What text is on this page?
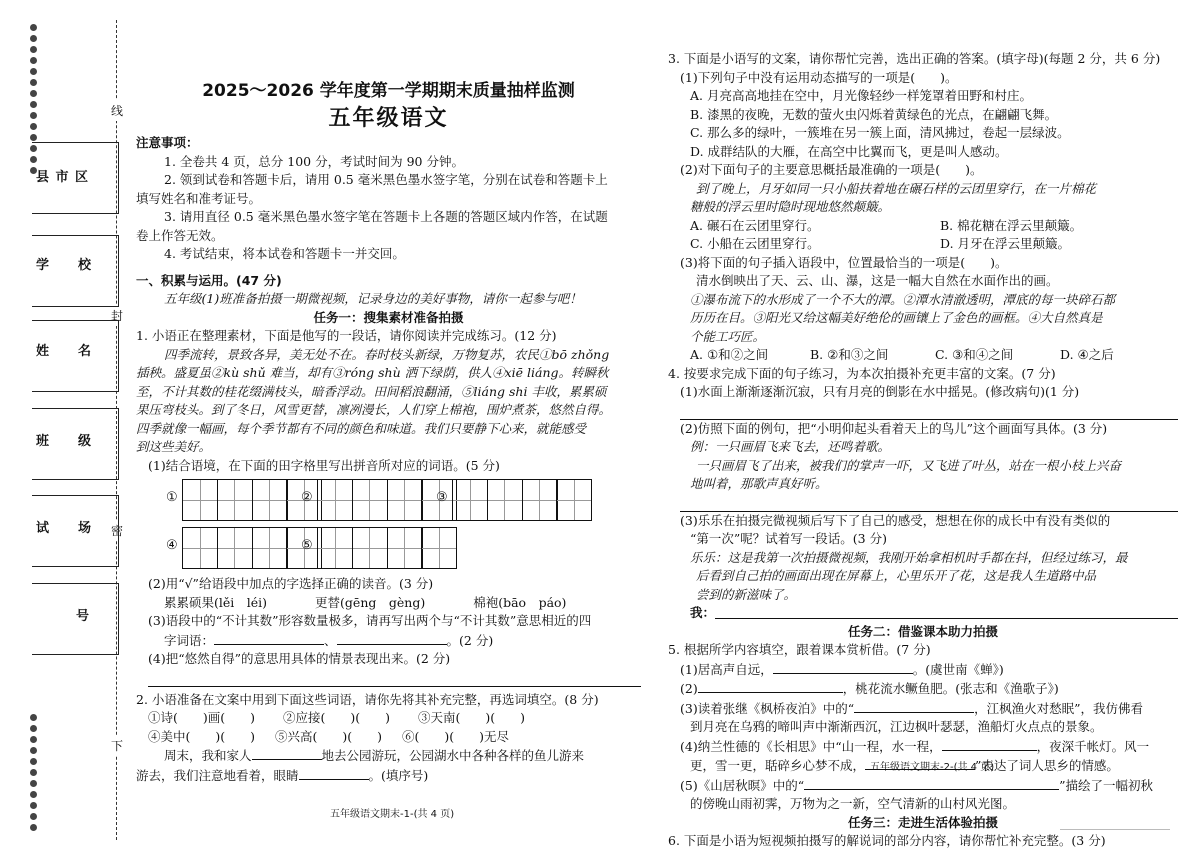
线
封
密
下
县 市 区
学　　校
姓　　名
班　　级
试　　场
号
2025～2026 学年度第一学期期末质量抽样监测
五年级语文
注意事项：
1. 全卷共 4 页，总分 100 分，考试时间为 90 分钟。
2. 领到试卷和答题卡后，请用 0.5 毫米黑色墨水签字笔，分别在试卷和答题卡上
填写姓名和准考证号。
3. 请用直径 0.5 毫米黑色墨水签字笔在答题卡上各题的答题区域内作答，在试题
卷上作答无效。
4. 考试结束，将本试卷和答题卡一并交回。
一、积累与运用。(47 分)
五年级(1)班准备拍摄一期微视频，记录身边的美好事物，请你一起参与吧！
任务一：搜集素材准备拍摄
1. 小语正在整理素材，下面是他写的一段话，请你阅读并完成练习。(12 分)
四季流转，景致各异，美无处不在。春时枝头新绿，万物复苏，农民①bō zhǒng
插秧。盛夏虽②kù shǔ 难当，却有③róng shù 洒下绿荫，供人④xiē liáng。转瞬秋
至，不计其数的桂花缀满枝头，暗香浮动。田间稻浪翻涌，⑤liáng shi 丰收，累累硕
果压弯枝头。到了冬日，风雪更替，凛冽漫长，人们穿上棉袍，围炉煮茶，悠然自得。
四季就像一幅画，每个季节都有不同的颜色和味道。我们只要静下心来，就能感受
到这些美好。
(1)结合语境，在下面的田字格里写出拼音所对应的词语。(5 分)
①	②	③
④	⑤
(2)用“√”给语段中加点的字选择正确的读音。(3 分)
累累硕果(lěi　léi)	更替(gēng　gèng)	棉袍(bāo　páo)
(3)语段中的“不计其数”形容数量极多，请再写出两个与“不计其数”意思相近的四
字词语：	、	。(2 分)
(4)把“悠然自得”的意思用具体的情景表现出来。(2 分)
2. 小语准备在文案中用到下面这些词语，请你先将其补充完整，再选词填空。(8 分)
①诗(　　)画(　　) ②应接(　　)(　　) ③天南(　　)(　　)
④美中(　　)(　　) ⑤兴高(　　)(　　) ⑥(　　)(　　)无尽
周末，我和家人	地去公园游玩，公园湖水中各种各样的鱼儿游来
游去，我们注意地看着，眼睛	。(填序号)
五年级语文期末-1-(共 4 页)
3. 下面是小语写的文案，请你帮忙完善，选出正确的答案。(填字母)(每题 2 分，共 6 分)
(1)下列句子中没有运用动态描写的一项是(　　)。
A. 月亮高高地挂在空中，月光像轻纱一样笼罩着田野和村庄。
B. 漆黑的夜晚，无数的萤火虫闪烁着黄绿色的光点，在翩翩飞舞。
C. 那么多的绿叶，一簇堆在另一簇上面，清风拂过，卷起一层绿波。
D. 成群结队的大雁，在高空中比翼而飞，更是叫人感动。
(2)对下面句子的主要意思概括最准确的一项是(　　)。
到了晚上，月牙如同一只小船扶着地在碾石样的云团里穿行，在一片棉花
糖般的浮云里时隐时现地悠然颠簸。
A. 碾石在云团里穿行。	B. 棉花糖在浮云里颠簸。
C. 小船在云团里穿行。	D. 月牙在浮云里颠簸。
(3)将下面的句子插入语段中，位置最恰当的一项是(　　)。
清水倒映出了天、云、山、瀑，这是一幅大自然在水面作出的画。
①瀑布流下的水形成了一个不大的潭。②潭水清澈透明，潭底的每一块碎石都
历历在目。③阳光又给这幅美好绝伦的画镶上了金色的画框。④大自然真是
个能工巧匠。
A. ①和②之间	B. ②和③之间	C. ③和④之间	D. ④之后
4. 按要求完成下面的句子练习，为本次拍摄补充更丰富的文案。(7 分)
(1)水面上渐渐逐渐沉寂，只有月亮的倒影在水中摇晃。(修改病句)(1 分)
(2)仿照下面的例句，把“小明仰起头看着天上的鸟儿”这个画面写具体。(3 分)
例：一只画眉飞来飞去，还鸣着歌。
一只画眉飞了出来，被我们的掌声一吓，又飞进了叶丛，站在一根小枝上兴奋
地叫着，那歌声真好听。
(3)乐乐在拍摄完微视频后写下了自己的感受，想想在你的成长中有没有类似的
“第一次”呢？试着写一段话。(3 分)
乐乐：这是我第一次拍摄微视频，我刚开始拿相机时手都在抖，但经过练习，最
后看到自己拍的画面出现在屏幕上，心里乐开了花，这是我人生道路中品
尝到的新滋味了。
我：
任务二：借鉴课本助力拍摄
5. 根据所学内容填空，跟着课本赏析借。(7 分)
(1)居高声自远，	。(虞世南《蝉》)
(2)	，桃花流水鳜鱼肥。(张志和《渔歌子》)
(3)读着张继《枫桥夜泊》中的“	，江枫渔火对愁眠”，我仿佛看
到月亮在乌鸦的啼叫声中渐渐西沉，江边枫叶瑟瑟，渔船灯火点点的景象。
(4)纳兰性德的《长相思》中“山一程，水一程，	，夜深千帐灯。风一
更，雪一更，聒碎乡心梦不成，	”表达了词人思乡的情感。
(5)《山居秋暝》中的“	”描绘了一幅初秋
的傍晚山雨初霁，万物为之一新，空气清新的山村风光图。
任务三：走进生活体验拍摄
6. 下面是小语为短视频拍摄写的解说词的部分内容，请你帮忙补充完整。(3 分)
五年级语文期末-2-(共 4 页)
